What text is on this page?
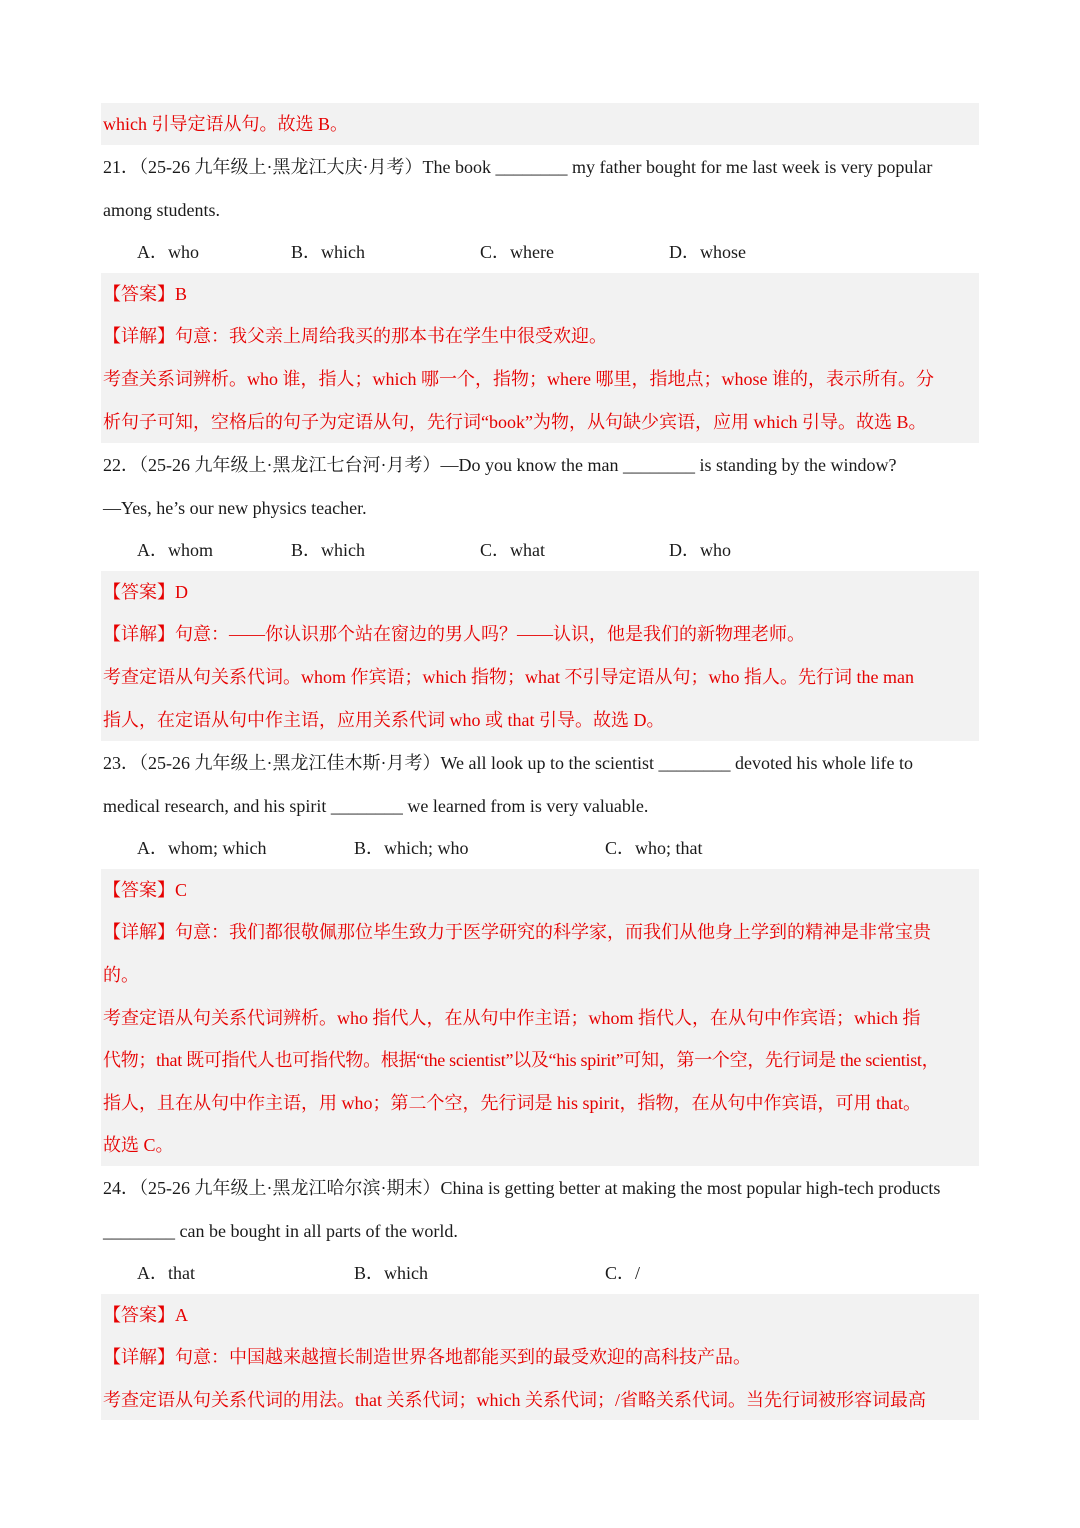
which 引导定语从句。故选 B。
21．（25-26 九年级上·黑龙江大庆·月考）The book ________ my father bought for me last week is very popular
among students.
A．who	B．which	C．where	D．whose
【答案】B
【详解】句意：我父亲上周给我买的那本书在学生中很受欢迎。
考查关系词辨析。who 谁，指人；which 哪一个，指物；where 哪里，指地点；whose 谁的，表示所有。分
析句子可知，空格后的句子为定语从句，先行词“book”为物，从句缺少宾语，应用 which 引导。故选 B。
22．（25-26 九年级上·黑龙江七台河·月考）—Do you know the man ________ is standing by the window?
—Yes, he’s our new physics teacher.
A．whom	B．which	C．what	D．who
【答案】D
【详解】句意：——你认识那个站在窗边的男人吗？——认识，他是我们的新物理老师。
考查定语从句关系代词。whom 作宾语；which 指物；what 不引导定语从句；who 指人。先行词 the man
指人，在定语从句中作主语，应用关系代词 who 或 that 引导。故选 D。
23．（25-26 九年级上·黑龙江佳木斯·月考）We all look up to the scientist ________ devoted his whole life to
medical research, and his spirit ________ we learned from is very valuable.
A．whom; which	B．which; who	C．who; that
【答案】C
【详解】句意：我们都很敬佩那位毕生致力于医学研究的科学家，而我们从他身上学到的精神是非常宝贵
的。
考查定语从句关系代词辨析。who 指代人，在从句中作主语；whom 指代人，在从句中作宾语；which 指
代物；that 既可指代人也可指代物。根据“the scientist”以及“his spirit”可知，第一个空，先行词是 the scientist，
指人，且在从句中作主语，用 who；第二个空，先行词是 his spirit，指物，在从句中作宾语，可用 that。
故选 C。
24．（25-26 九年级上·黑龙江哈尔滨·期末）China is getting better at making the most popular high-tech products
________ can be bought in all parts of the world.
A．that	B．which	C．/
【答案】A
【详解】句意：中国越来越擅长制造世界各地都能买到的最受欢迎的高科技产品。
考查定语从句关系代词的用法。that 关系代词；which 关系代词；/省略关系代词。当先行词被形容词最高
